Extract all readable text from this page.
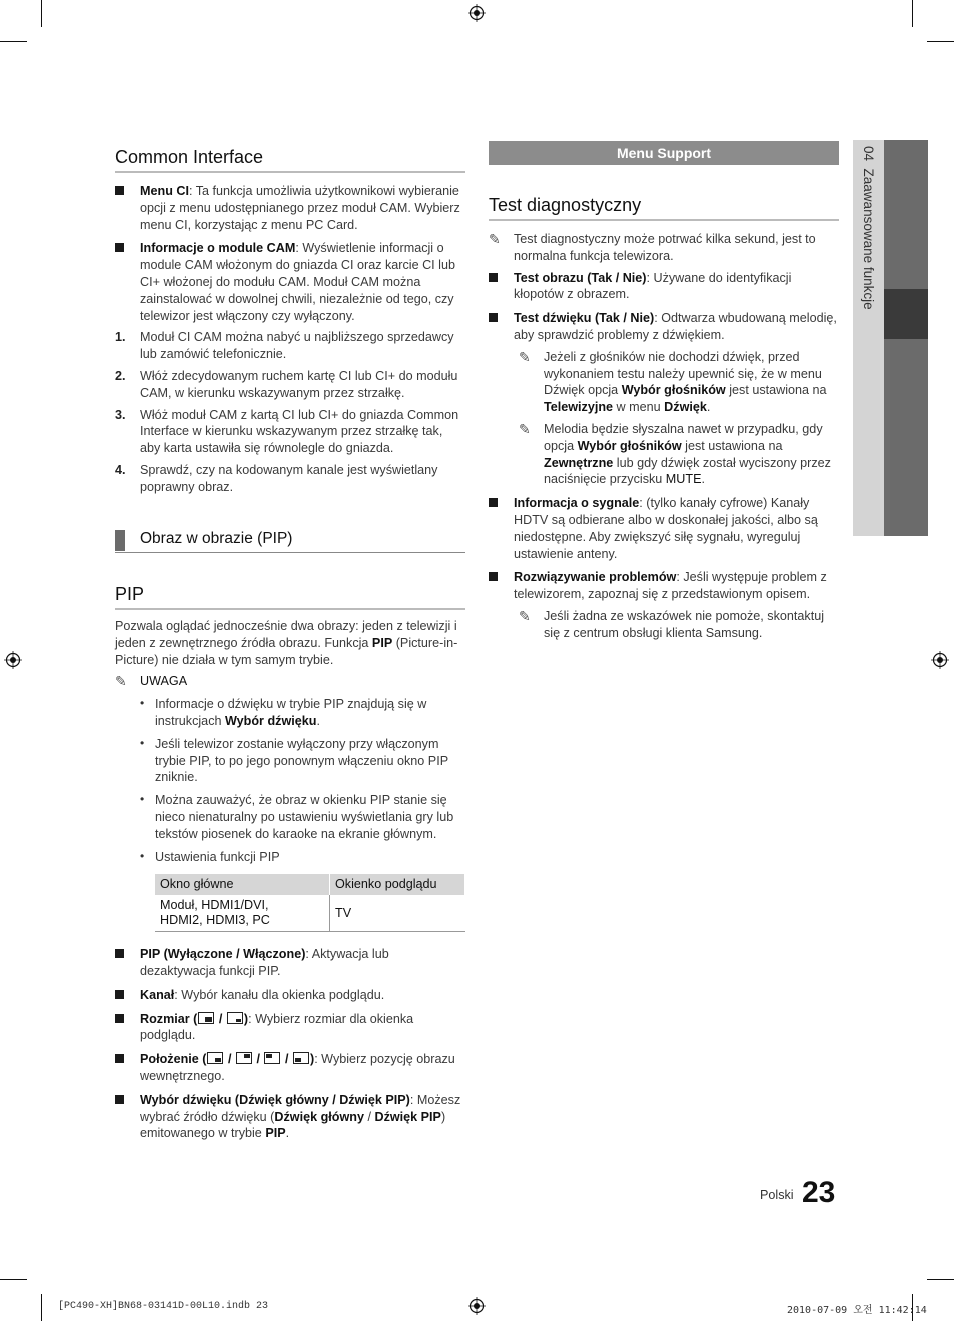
04  Zaawansowane funkcje
Common Interface

Menu CI: Ta funkcja umożliwia użytkownikowi wybieranie opcji z menu udostępnianego przez moduł CAM. Wybierz menu CI, korzystając z menu PC Card.

Informacje o module CAM: Wyświetlenie informacji o module CAM włożonym do gniazda CI oraz karcie CI lub CI+ włożonej do modułu CAM. Moduł CAM można zainstalować w dowolnej chwili, niezależnie od tego, czy telewizor jest włączony czy wyłączony.

1. Moduł CI CAM można nabyć u najbliższego sprzedawcy lub zamówić telefonicznie.

2. Włóż zdecydowanym ruchem kartę CI lub CI+ do modułu CAM, w kierunku wskazywanym przez strzałkę.

3. Włóż moduł CAM z kartą CI lub CI+ do gniazda Common Interface w kierunku wskazywanym przez strzałkę tak, aby karta ustawiła się równolegle do gniazda.

4. Sprawdź, czy na kodowanym kanale jest wyświetlany poprawny obraz.

Obraz w obrazie (PIP)
PIP

Pozwala oglądać jednocześnie dwa obrazy: jeden z telewizji i jeden z zewnętrznego źródła obrazu. Funkcja PIP (Picture-in-Picture) nie działa w tym samym trybie.

✎ UWAGA

• Informacje o dźwięku w trybie PIP znajdują się w instrukcjach Wybór dźwięku.

• Jeśli telewizor zostanie wyłączony przy włączonym trybie PIP, to po jego ponownym włączeniu okno PIP zniknie.

• Można zauważyć, że obraz w okienku PIP stanie się nieco nienaturalny po ustawieniu wyświetlania gry lub tekstów piosenek do karaoke na ekranie głównym.

• Ustawienia funkcji PIP

Okno główne	Okienko podglądu
Moduł, HDMI1/DVI,
HDMI2, HDMI3, PC	TV

PIP (Wyłączone / Włączone): Aktywacja lub dezaktywacja funkcji PIP.

Kanał: Wybór kanału dla okienka podglądu.

Rozmiar (
/
): Wybierz rozmiar dla okienka podglądu.

Położenie (
/
/
/
): Wybierz pozycję obrazu wewnętrznego.

Wybór dźwięku (Dźwięk główny / Dźwięk PIP): Możesz wybrać źródło dźwięku (Dźwięk główny / Dźwięk PIP) emitowanego w trybie PIP.

Menu Support
Test diagnostyczny

✎ Test diagnostyczny może potrwać kilka sekund, jest to normalna funkcja telewizora.

Test obrazu (Tak / Nie): Używane do identyfikacji kłopotów z obrazem.

Test dźwięku (Tak / Nie): Odtwarza wbudowaną melodię, aby sprawdzić problemy z dźwiękiem.

✎ Jeżeli z głośników nie dochodzi dźwięk, przed wykonaniem testu należy upewnić się, że w menu Dźwięk opcja Wybór głośników jest ustawiona na Telewizyjne w menu Dźwięk.

✎ Melodia będzie słyszalna nawet w przypadku, gdy opcja Wybór głośników jest ustawiona na Zewnętrzne lub gdy dźwięk został wyciszony przez naciśnięcie przycisku MUTE.

Informacja o sygnale: (tylko kanały cyfrowe) Kanały HDTV są odbierane albo w doskonałej jakości, albo są niedostępne. Aby zwiększyć siłę sygnału, wyreguluj ustawienie anteny.

Rozwiązywanie problemów: Jeśli występuje problem z telewizorem, zapoznaj się z przedstawionym opisem.

✎ Jeśli żadna ze wskazówek nie pomoże, skontaktuj się z centrum obsługi klienta Samsung.

Polski 23
[PC490-XH]BN68-03141D-00L10.indb 23	2010-07-09 오전 11:42:14
